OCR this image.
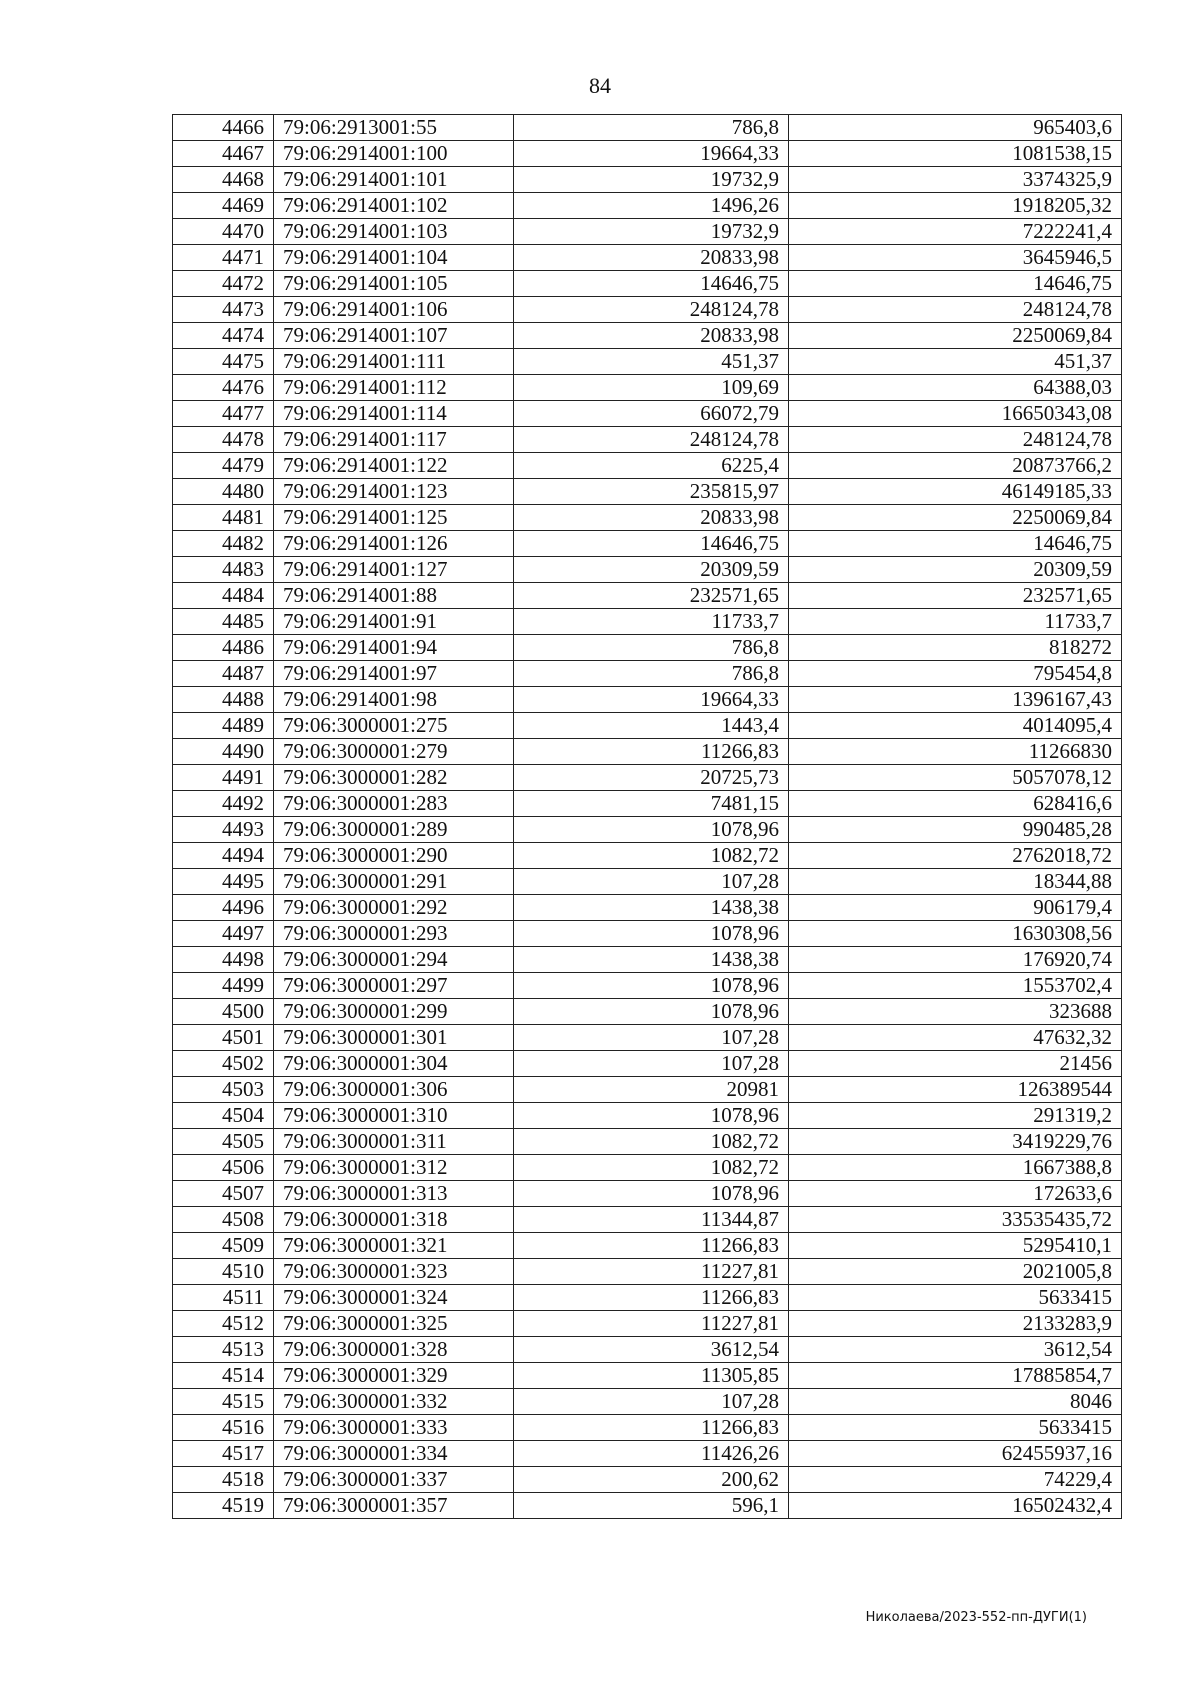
84
4466	79:06:2913001:55	786,8	965403,6
4467	79:06:2914001:100	19664,33	1081538,15
4468	79:06:2914001:101	19732,9	3374325,9
4469	79:06:2914001:102	1496,26	1918205,32
4470	79:06:2914001:103	19732,9	7222241,4
4471	79:06:2914001:104	20833,98	3645946,5
4472	79:06:2914001:105	14646,75	14646,75
4473	79:06:2914001:106	248124,78	248124,78
4474	79:06:2914001:107	20833,98	2250069,84
4475	79:06:2914001:111	451,37	451,37
4476	79:06:2914001:112	109,69	64388,03
4477	79:06:2914001:114	66072,79	16650343,08
4478	79:06:2914001:117	248124,78	248124,78
4479	79:06:2914001:122	6225,4	20873766,2
4480	79:06:2914001:123	235815,97	46149185,33
4481	79:06:2914001:125	20833,98	2250069,84
4482	79:06:2914001:126	14646,75	14646,75
4483	79:06:2914001:127	20309,59	20309,59
4484	79:06:2914001:88	232571,65	232571,65
4485	79:06:2914001:91	11733,7	11733,7
4486	79:06:2914001:94	786,8	818272
4487	79:06:2914001:97	786,8	795454,8
4488	79:06:2914001:98	19664,33	1396167,43
4489	79:06:3000001:275	1443,4	4014095,4
4490	79:06:3000001:279	11266,83	11266830
4491	79:06:3000001:282	20725,73	5057078,12
4492	79:06:3000001:283	7481,15	628416,6
4493	79:06:3000001:289	1078,96	990485,28
4494	79:06:3000001:290	1082,72	2762018,72
4495	79:06:3000001:291	107,28	18344,88
4496	79:06:3000001:292	1438,38	906179,4
4497	79:06:3000001:293	1078,96	1630308,56
4498	79:06:3000001:294	1438,38	176920,74
4499	79:06:3000001:297	1078,96	1553702,4
4500	79:06:3000001:299	1078,96	323688
4501	79:06:3000001:301	107,28	47632,32
4502	79:06:3000001:304	107,28	21456
4503	79:06:3000001:306	20981	126389544
4504	79:06:3000001:310	1078,96	291319,2
4505	79:06:3000001:311	1082,72	3419229,76
4506	79:06:3000001:312	1082,72	1667388,8
4507	79:06:3000001:313	1078,96	172633,6
4508	79:06:3000001:318	11344,87	33535435,72
4509	79:06:3000001:321	11266,83	5295410,1
4510	79:06:3000001:323	11227,81	2021005,8
4511	79:06:3000001:324	11266,83	5633415
4512	79:06:3000001:325	11227,81	2133283,9
4513	79:06:3000001:328	3612,54	3612,54
4514	79:06:3000001:329	11305,85	17885854,7
4515	79:06:3000001:332	107,28	8046
4516	79:06:3000001:333	11266,83	5633415
4517	79:06:3000001:334	11426,26	62455937,16
4518	79:06:3000001:337	200,62	74229,4
4519	79:06:3000001:357	596,1	16502432,4
Николаева/2023-552-пп-ДУГИ(1)
